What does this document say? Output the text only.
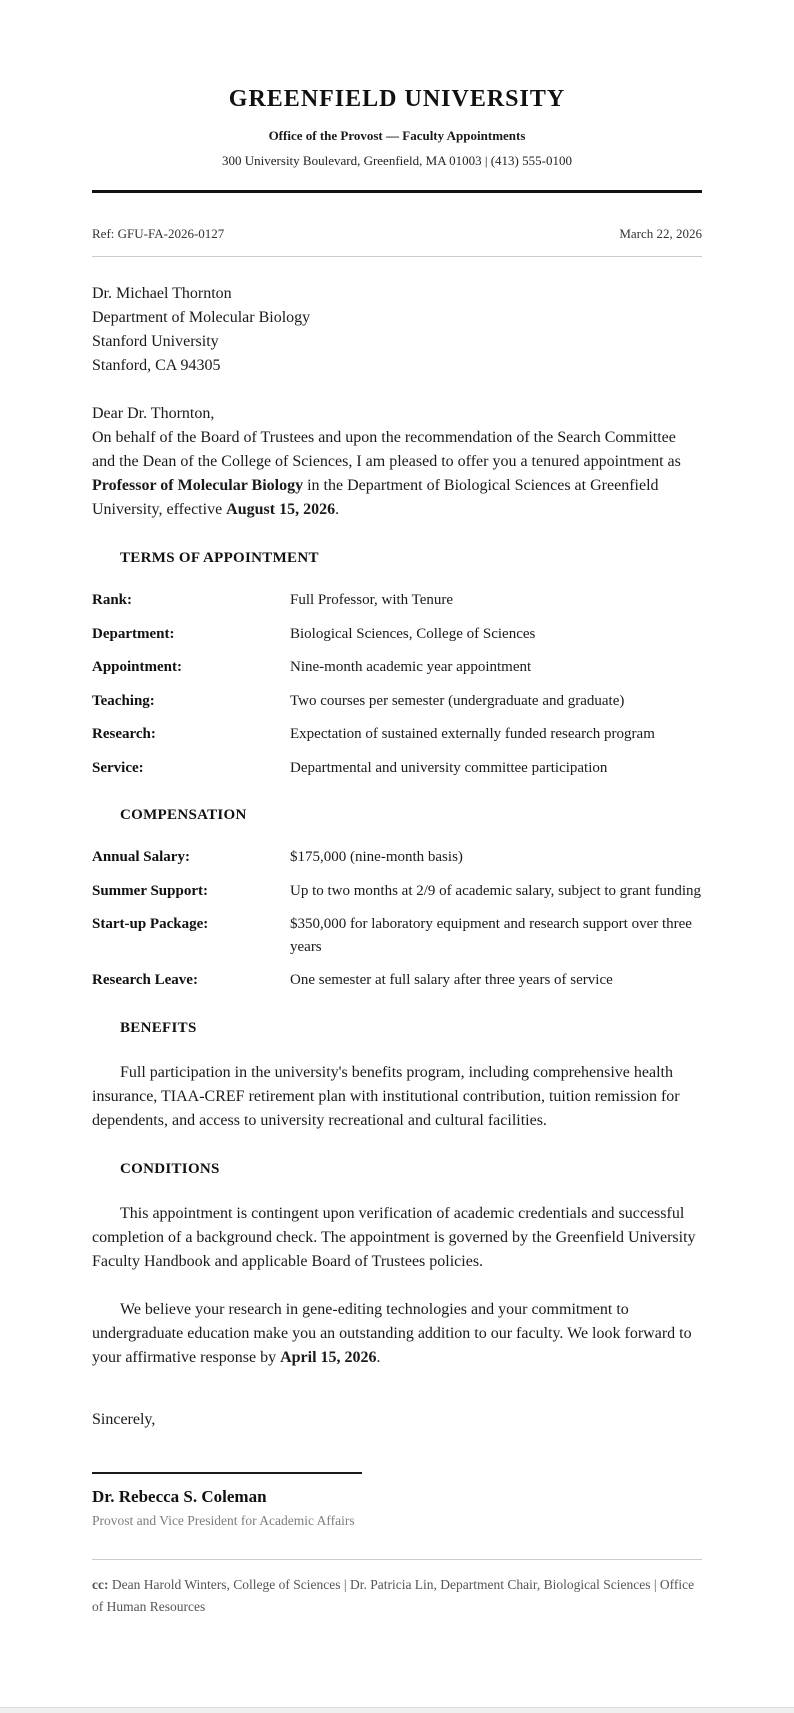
GREENFIELD UNIVERSITY
Office of the Provost — Faculty Appointments
300 University Boulevard, Greenfield, MA 01003 | (413) 555-0100
Ref: GFU-FA-2026-0127	March 22, 2026
Dr. Michael Thornton
Department of Molecular Biology
Stanford University
Stanford, CA 94305

Dear Dr. Thornton,
On behalf of the Board of Trustees and upon the recommendation of the Search Committee and the Dean of the College of Sciences, I am pleased to offer you a tenured appointment as Professor of Molecular Biology in the Department of Biological Sciences at Greenfield University, effective August 15, 2026.

TERMS OF APPOINTMENT
Rank:	Full Professor, with Tenure
Department:	Biological Sciences, College of Sciences
Appointment:	Nine-month academic year appointment
Teaching:	Two courses per semester (undergraduate and graduate)
Research:	Expectation of sustained externally funded research program
Service:	Departmental and university committee participation
COMPENSATION
Annual Salary:	$175,000 (nine-month basis)
Summer Support:	Up to two months at 2/9 of academic salary, subject to grant funding
Start-up Package:	$350,000 for laboratory equipment and research support over three years
Research Leave:	One semester at full salary after three years of service
BENEFITS

Full participation in the university's benefits program, including comprehensive health insurance, TIAA-CREF retirement plan with institutional contribution, tuition remission for dependents, and access to university recreational and cultural facilities.

CONDITIONS

This appointment is contingent upon verification of academic credentials and successful completion of a background check. The appointment is governed by the Greenfield University Faculty Handbook and applicable Board of Trustees policies.

We believe your research in gene-editing technologies and your commitment to undergraduate education make you an outstanding addition to our faculty. We look forward to your affirmative response by April 15, 2026.

Sincerely,

Dr. Rebecca S. Coleman
Provost and Vice President for Academic Affairs

cc: Dean Harold Winters, College of Sciences | Dr. Patricia Lin, Department Chair, Biological Sciences | Office of Human Resources
